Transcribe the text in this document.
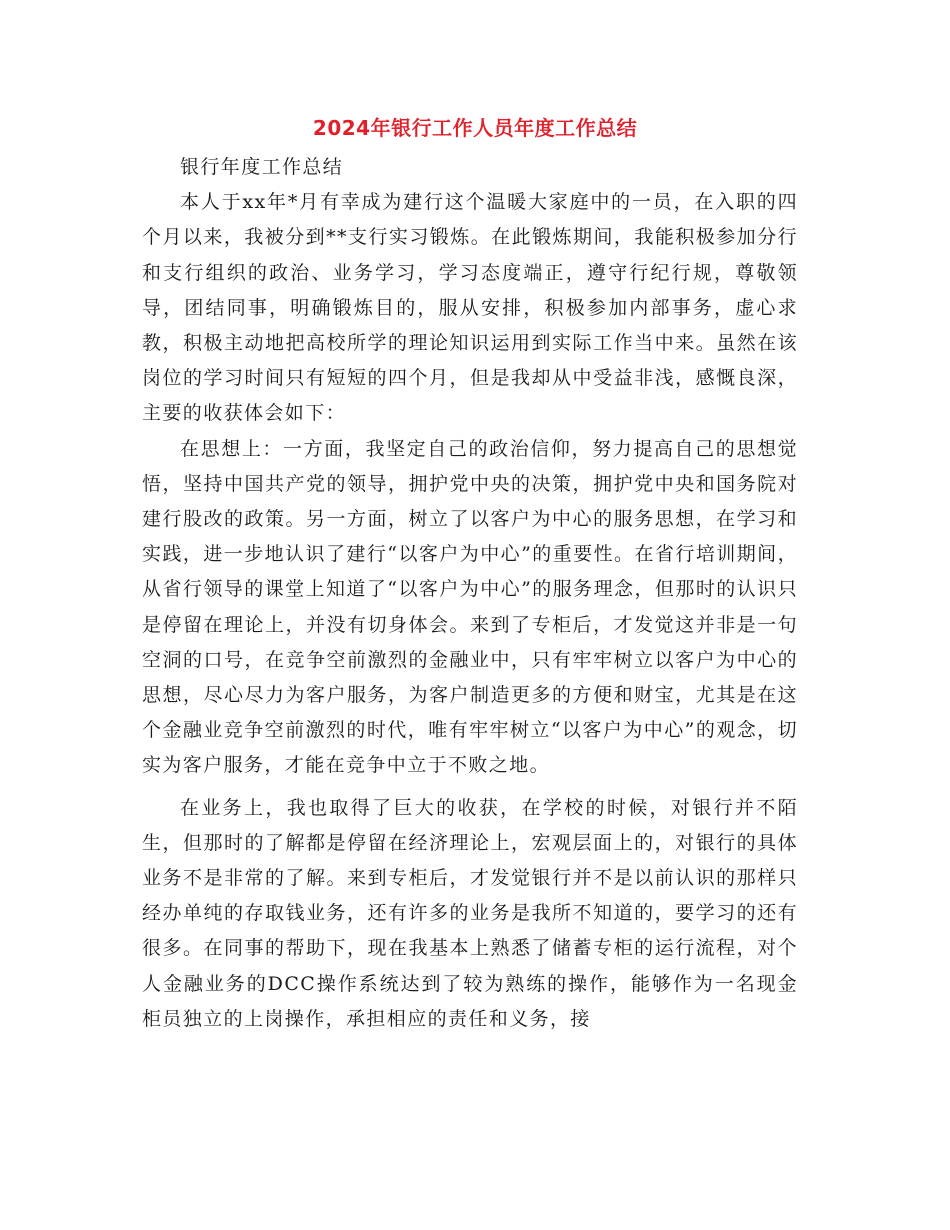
2024年银行工作人员年度工作总结

银行年度工作总结

本人于xx年*月有幸成为建行这个温暖大家庭中的一员，在入职的四个月以来，我被分到**支行实习锻炼。在此锻炼期间，我能积极参加分行和支行组织的政治、业务学习，学习态度端正，遵守行纪行规，尊敬领导，团结同事，明确锻炼目的，服从安排，积极参加内部事务，虚心求教，积极主动地把高校所学的理论知识运用到实际工作当中来。虽然在该岗位的学习时间只有短短的四个月，但是我却从中受益非浅，感慨良深，主要的收获体会如下：

在思想上：一方面，我坚定自己的政治信仰，努力提高自己的思想觉悟，坚持中国共产党的领导，拥护党中央的决策，拥护党中央和国务院对建行股改的政策。另一方面，树立了以客户为中心的服务思想，在学习和实践，进一步地认识了建行“以客户为中心”的重要性。在省行培训期间，从省行领导的课堂上知道了“以客户为中心”的服务理念，但那时的认识只是停留在理论上，并没有切身体会。来到了专柜后，才发觉这并非是一句空洞的口号，在竞争空前激烈的金融业中，只有牢牢树立以客户为中心的思想，尽心尽力为客户服务，为客户制造更多的方便和财宝，尤其是在这个金融业竞争空前激烈的时代，唯有牢牢树立“以客户为中心”的观念，切实为客户服务，才能在竞争中立于不败之地。

在业务上，我也取得了巨大的收获，在学校的时候，对银行并不陌生，但那时的了解都是停留在经济理论上，宏观层面上的，对银行的具体业务不是非常的了解。来到专柜后，才发觉银行并不是以前认识的那样只经办单纯的存取钱业务，还有许多的业务是我所不知道的，要学习的还有很多。在同事的帮助下，现在我基本上熟悉了储蓄专柜的运行流程，对个人金融业务的DCC操作系统达到了较为熟练的操作，能够作为一名现金柜员独立的上岗操作，承担相应的责任和义务，接
